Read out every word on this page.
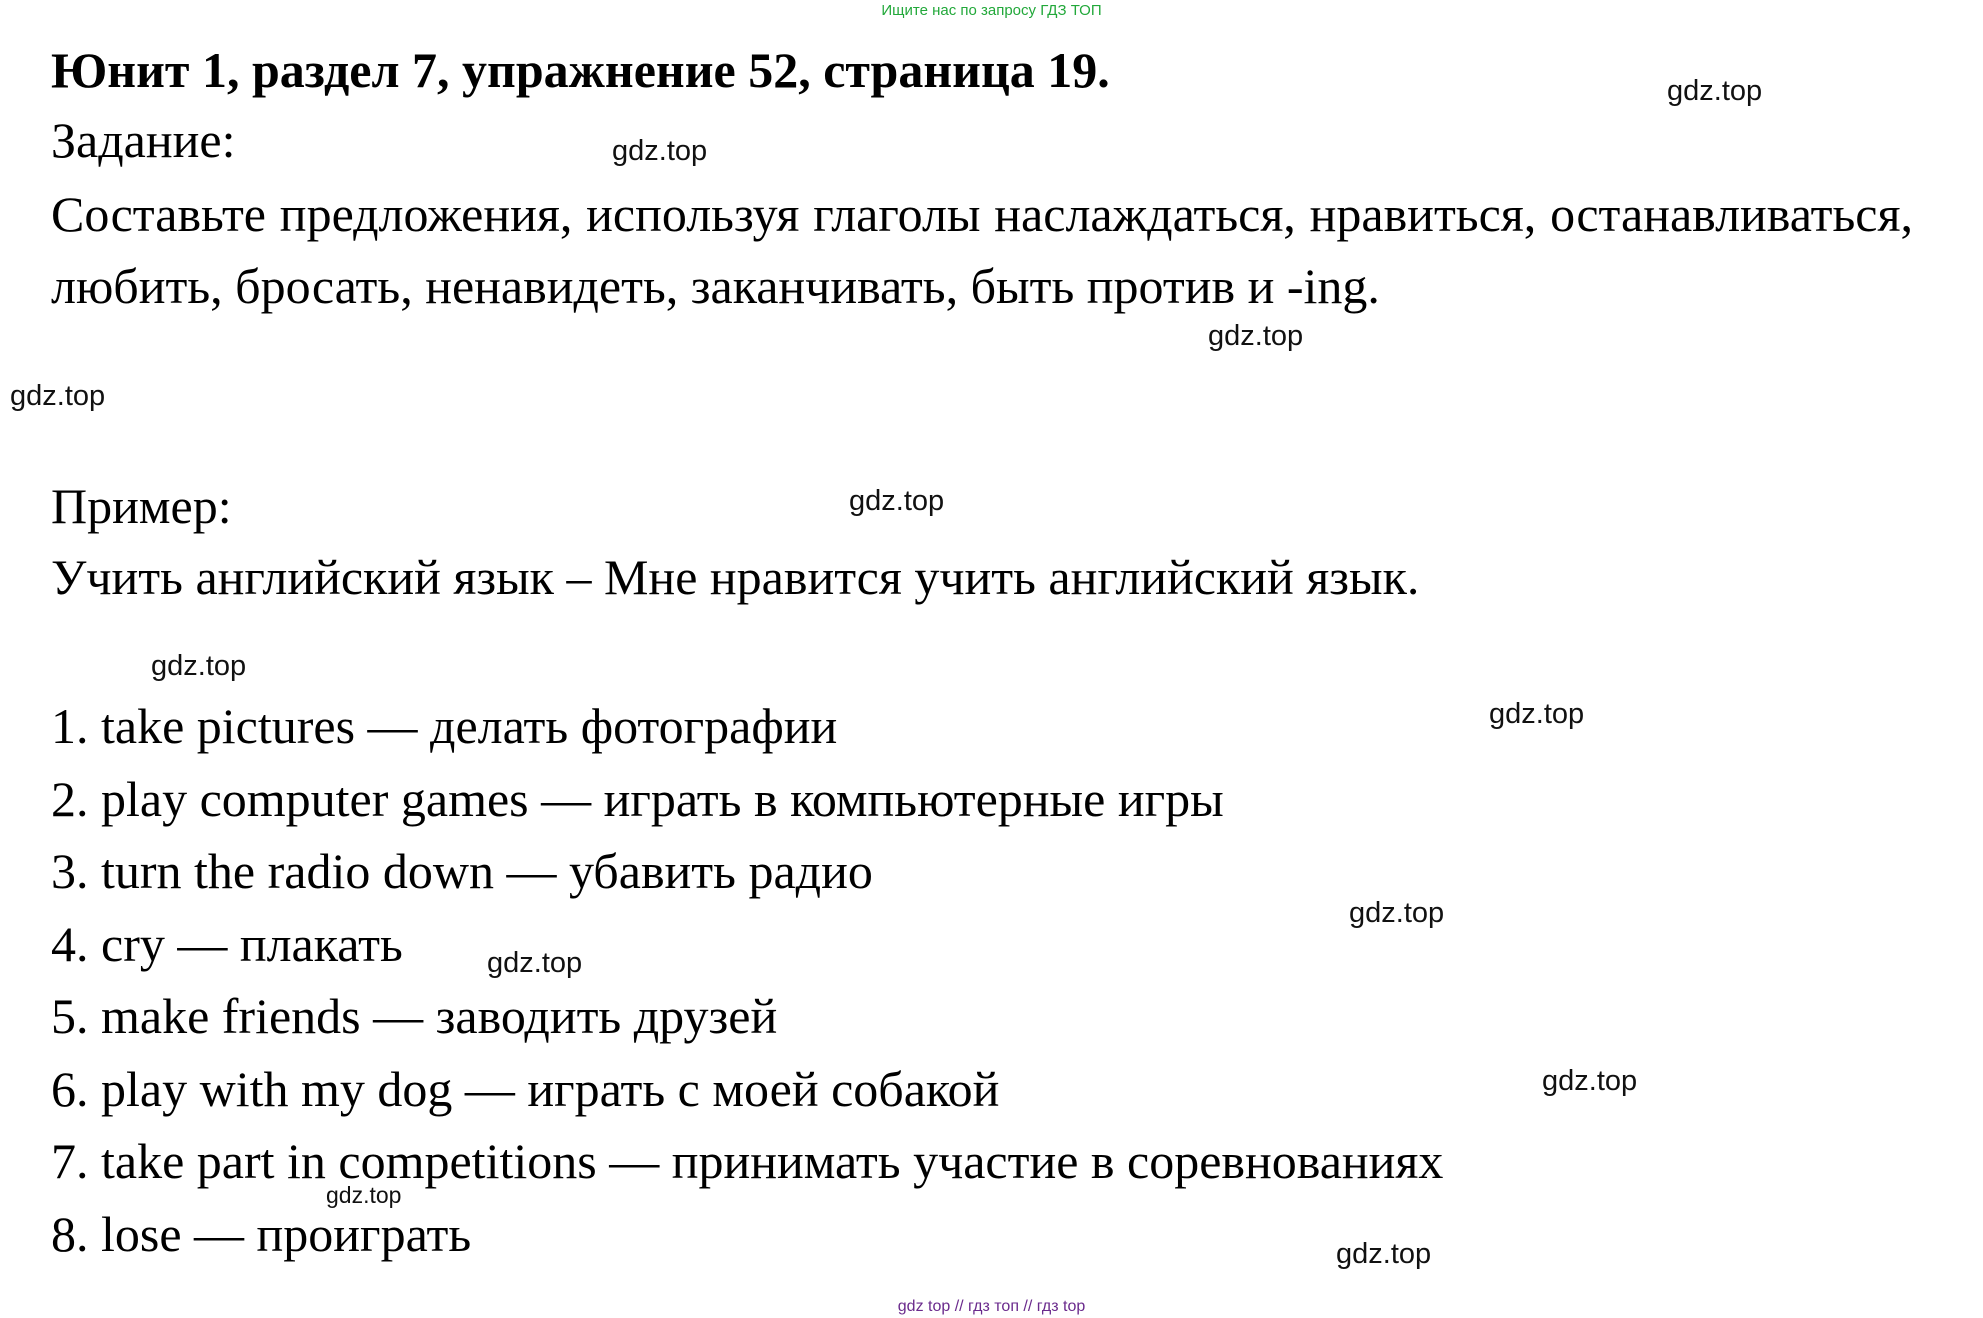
Ищите нас по запросу ГДЗ ТОП
Юнит 1, раздел 7, упражнение 52, страница 19.
Задание:
Составьте предложения, используя глаголы наслаждаться, нравиться, останавливаться, любить, бросать, ненавидеть, заканчивать, быть против и -ing.
Пример:
Учить английский язык – Мне нравится учить английский язык.
1. take pictures — делать фотографии
2. play computer games — играть в компьютерные игры
3. turn the radio down — убавить радио
4. cry — плакать
5. make friends — заводить друзей
6. play with my dog — играть с моей собакой
7. take part in competitions — принимать участие в соревнованиях
8. lose — проиграть
gdz.top
gdz.top
gdz.top
gdz.top
gdz.top
gdz.top
gdz.top
gdz.top
gdz.top
gdz.top
gdz.top
gdz.top
gdz top // гдз топ // гдз top
